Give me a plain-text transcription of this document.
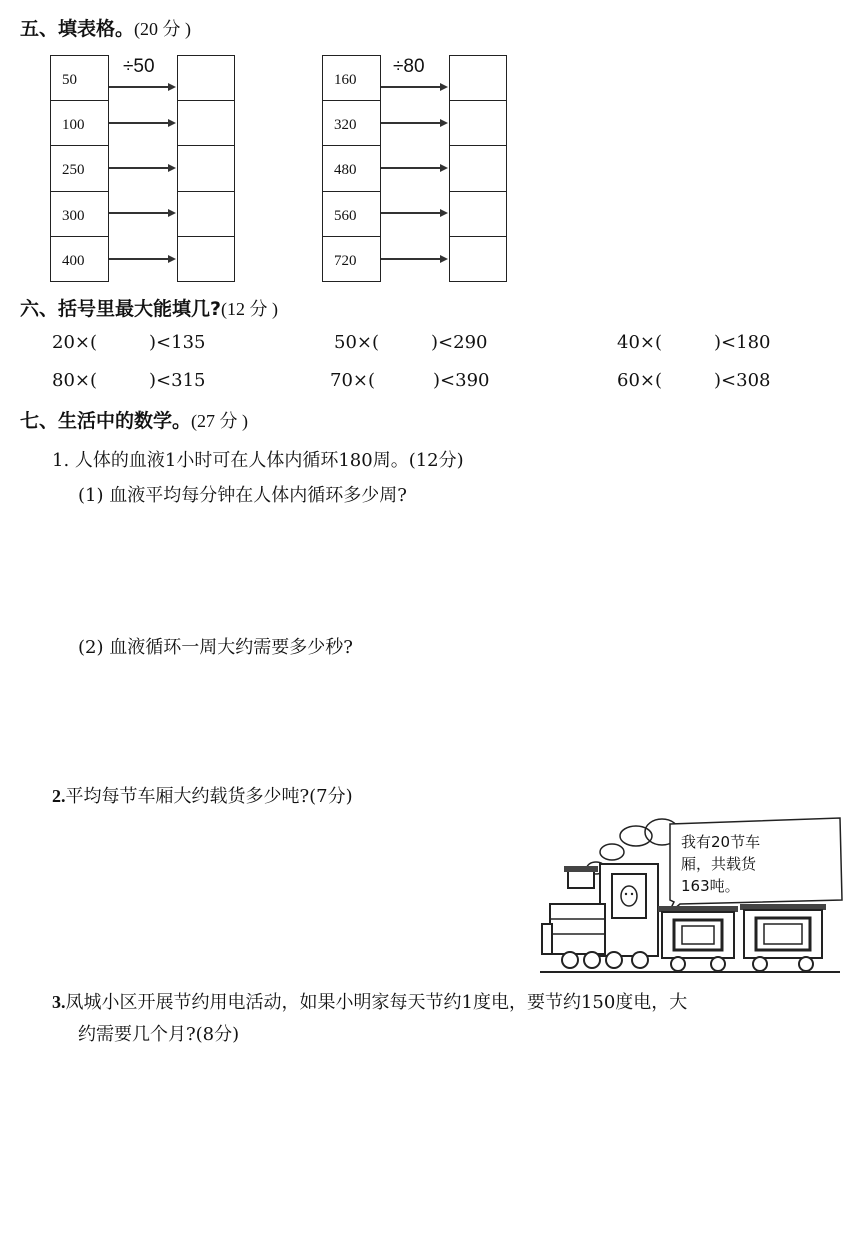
五、填表格。(20 分 )
50
100
250
300
400
÷50
160
320
480
560
720
÷80
六、括号里最大能填几?(12 分 )
20×(	)<135	50×(	)<290	40×(	)<180
80×(	)<315	70×(	)<390	60×(	)<308
七、生活中的数学。(27 分 )
1. 人体的血液1小时可在人体内循环180周。(12分)
(1) 血液平均每分钟在人体内循环多少周?
(2) 血液循环一周大约需要多少秒?
2.平均每节车厢大约载货多少吨?(7分)
我有20节车
厢，共载货
163吨。
3.凤城小区开展节约用电活动，如果小明家每天节约1度电，要节约150度电，大
约需要几个月?(8分)
